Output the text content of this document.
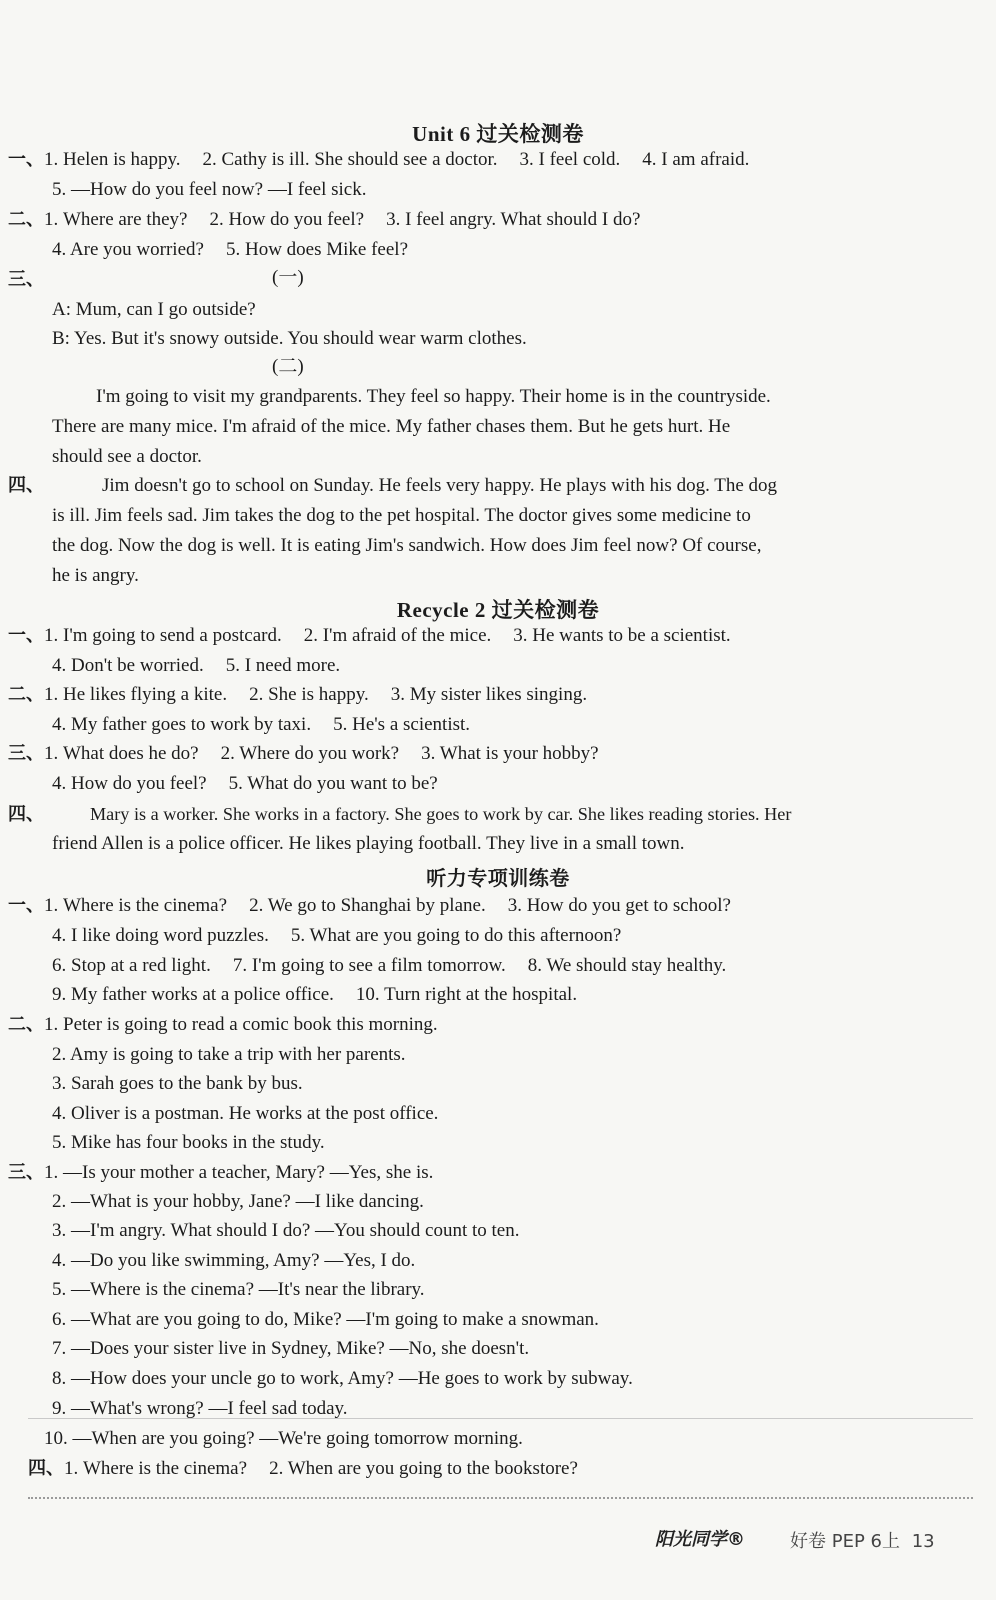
Unit 6 过关检测卷
一、1. Helen is happy. 2. Cathy is ill. She should see a doctor. 3. I feel cold. 4. I am afraid.
5. —How do you feel now? —I feel sick.
二、1. Where are they? 2. How do you feel? 3. I feel angry. What should I do?
4. Are you worried? 5. How does Mike feel?
三、	(一)
A: Mum, can I go outside?
B: Yes. But it's snowy outside. You should wear warm clothes.
(二)
I'm going to visit my grandparents. They feel so happy. Their home is in the countryside.
There are many mice. I'm afraid of the mice. My father chases them. But he gets hurt. He
should see a doctor.
四、	Jim doesn't go to school on Sunday. He feels very happy. He plays with his dog. The dog
is ill. Jim feels sad. Jim takes the dog to the pet hospital. The doctor gives some medicine to
the dog. Now the dog is well. It is eating Jim's sandwich. How does Jim feel now? Of course,
he is angry.
Recycle 2 过关检测卷
一、1. I'm going to send a postcard. 2. I'm afraid of the mice. 3. He wants to be a scientist.
4. Don't be worried. 5. I need more.
二、1. He likes flying a kite. 2. She is happy. 3. My sister likes singing.
4. My father goes to work by taxi. 5. He's a scientist.
三、1. What does he do? 2. Where do you work? 3. What is your hobby?
4. How do you feel? 5. What do you want to be?
四、	Mary is a worker. She works in a factory. She goes to work by car. She likes reading stories. Her
friend Allen is a police officer. He likes playing football. They live in a small town.
听力专项训练卷
一、1. Where is the cinema? 2. We go to Shanghai by plane. 3. How do you get to school?
4. I like doing word puzzles. 5. What are you going to do this afternoon?
6. Stop at a red light. 7. I'm going to see a film tomorrow. 8. We should stay healthy.
9. My father works at a police office. 10. Turn right at the hospital.
二、1. Peter is going to read a comic book this morning.
2. Amy is going to take a trip with her parents.
3. Sarah goes to the bank by bus.
4. Oliver is a postman. He works at the post office.
5. Mike has four books in the study.
三、1. —Is your mother a teacher, Mary? —Yes, she is.
2. —What is your hobby, Jane? —I like dancing.
3. —I'm angry. What should I do? —You should count to ten.
4. —Do you like swimming, Amy? —Yes, I do.
5. —Where is the cinema? —It's near the library.
6. —What are you going to do, Mike? —I'm going to make a snowman.
7. —Does your sister live in Sydney, Mike? —No, she doesn't.
8. —How does your uncle go to work, Amy? —He goes to work by subway.
9. —What's wrong? —I feel sad today.
10. —When are you going? —We're going tomorrow morning.
四、1. Where is the cinema? 2. When are you going to the bookstore?
阳光同学®	好卷 PEP 6上 13
